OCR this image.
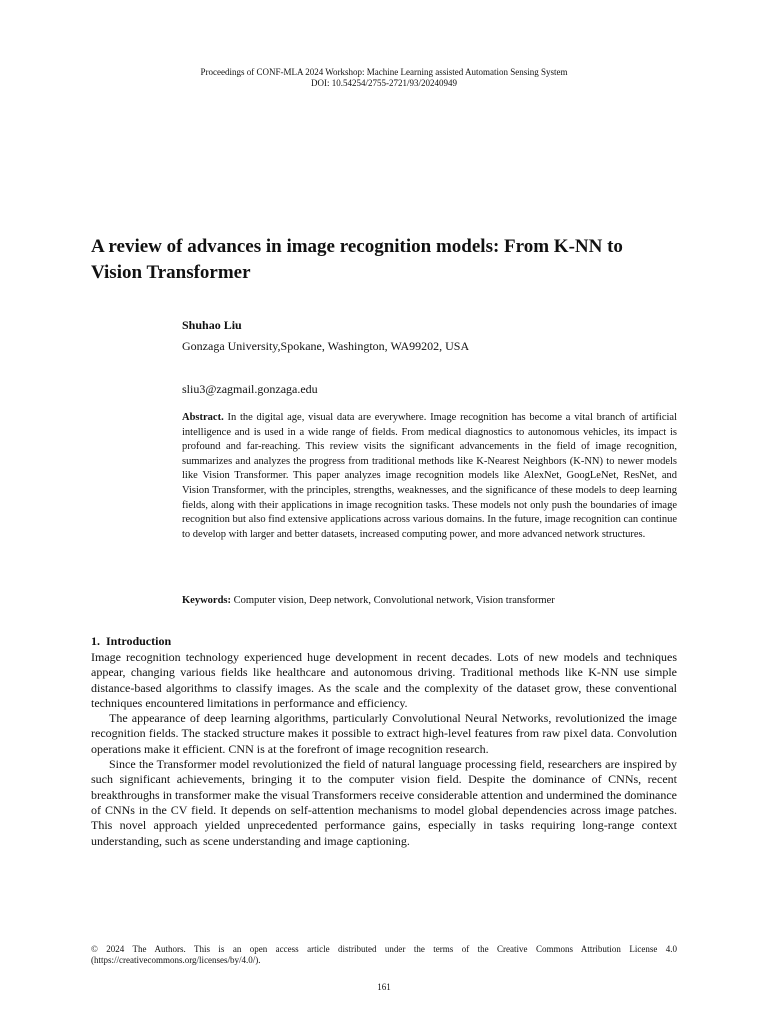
Proceedings of CONF-MLA 2024 Workshop: Machine Learning assisted Automation Sensing System
DOI: 10.54254/2755-2721/93/20240949
A review of advances in image recognition models: From K-NN to Vision Transformer
Shuhao Liu
Gonzaga University,Spokane, Washington, WA99202, USA
sliu3@zagmail.gonzaga.edu

Abstract. In the digital age, visual data are everywhere. Image recognition has become a vital branch of artificial intelligence and is used in a wide range of fields. From medical diagnostics to autonomous vehicles, its impact is profound and far-reaching. This review visits the significant advancements in the field of image recognition, summarizes and analyzes the progress from traditional methods like K-Nearest Neighbors (K-NN) to newer models like Vision Transformer. This paper analyzes image recognition models like AlexNet, GoogLeNet, ResNet, and Vision Transformer, with the principles, strengths, weaknesses, and the significance of these models to deep learning fields, along with their applications in image recognition tasks. These models not only push the boundaries of image recognition but also find extensive applications across various domains. In the future, image recognition can continue to develop with larger and better datasets, increased computing power, and more advanced network structures.

Keywords: Computer vision, Deep network, Convolutional network, Vision transformer

1. Introduction

Image recognition technology experienced huge development in recent decades. Lots of new models and techniques appear, changing various fields like healthcare and autonomous driving. Traditional methods like K-NN use simple distance-based algorithms to classify images. As the scale and the complexity of the dataset grow, these conventional techniques encountered limitations in performance and efficiency.

The appearance of deep learning algorithms, particularly Convolutional Neural Networks, revolutionized the image recognition fields. The stacked structure makes it possible to extract high-level features from raw pixel data. Convolution operations make it efficient. CNN is at the forefront of image recognition research.

Since the Transformer model revolutionized the field of natural language processing field, researchers are inspired by such significant achievements, bringing it to the computer vision field. Despite the dominance of CNNs, recent breakthroughs in transformer make the visual Transformers receive considerable attention and undermined the dominance of CNNs in the CV field. It depends on self-attention mechanisms to model global dependencies across image patches. This novel approach yielded unprecedented performance gains, especially in tasks requiring long-range context understanding, such as scene understanding and image captioning.

© 2024 The Authors. This is an open access article distributed under the terms of the Creative Commons Attribution License 4.0 (https://creativecommons.org/licenses/by/4.0/).

161
